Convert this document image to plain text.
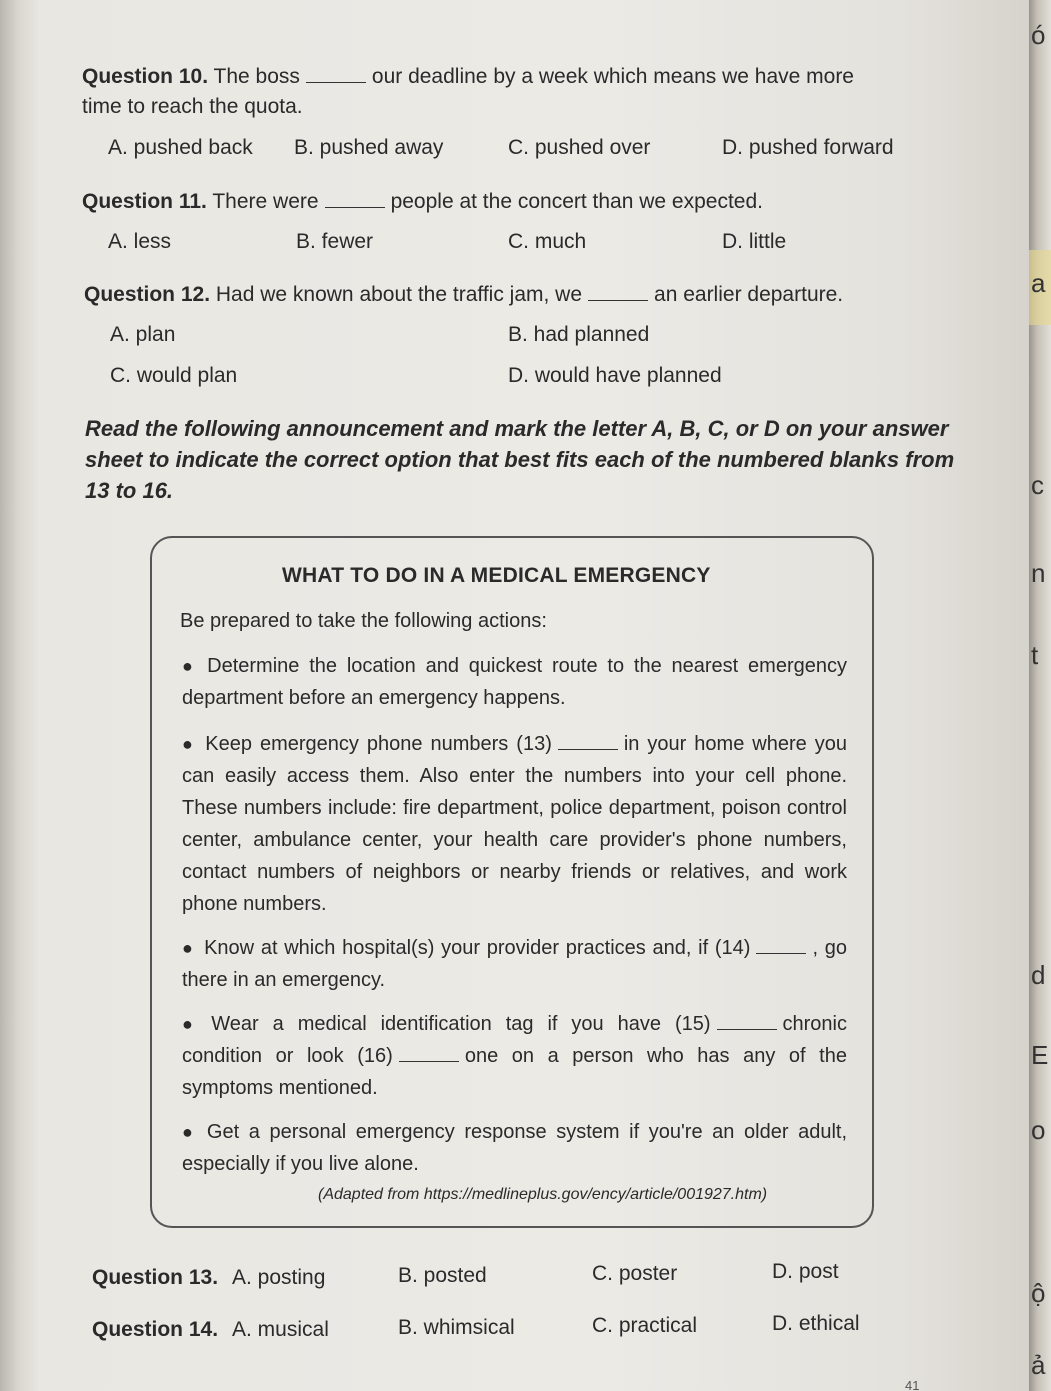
Question 10. The boss	our deadline by a week which means we have more
time to reach the quota.
A. pushed back B. pushed away	C. pushed over	D. pushed forward
Question 11. There were	people at the concert than we expected.
A. less	B. fewer	C. much	D. little
Question 12. Had we known about the traffic jam, we	an earlier departure.
A. plan	B. had planned
C. would plan	D. would have planned
Read the following announcement and mark the letter A, B, C, or D on your answer sheet to indicate the correct option that best fits each of the numbered blanks from 13 to 16.
WHAT TO DO IN A MEDICAL EMERGENCY
Be prepared to take the following actions:
● Determine the location and quickest route to the nearest emergency department before an emergency happens.
● Keep emergency phone numbers (13)	in your home where you can easily access them. Also enter the numbers into your cell phone. These numbers include: fire department, police department, poison control center, ambulance center, your health care provider's phone numbers, contact numbers of neighbors or nearby friends or relatives, and work phone numbers.
● Know at which hospital(s) your provider practices and, if (14)	, go there in an emergency.
● Wear a medical identification tag if you have (15)	chronic condition or look (16)	one on a person who has any of the symptoms mentioned.
● Get a personal emergency response system if you're an older adult, especially if you live alone.
(Adapted from https://medlineplus.gov/ency/article/001927.htm)
Question 13. A. posting	B. posted	C. poster	D. post
Question 14. A. musical	B. whimsical	C. practical	D. ethical
41
ó
a
c
n
t
d
E
o
ộ
ả
